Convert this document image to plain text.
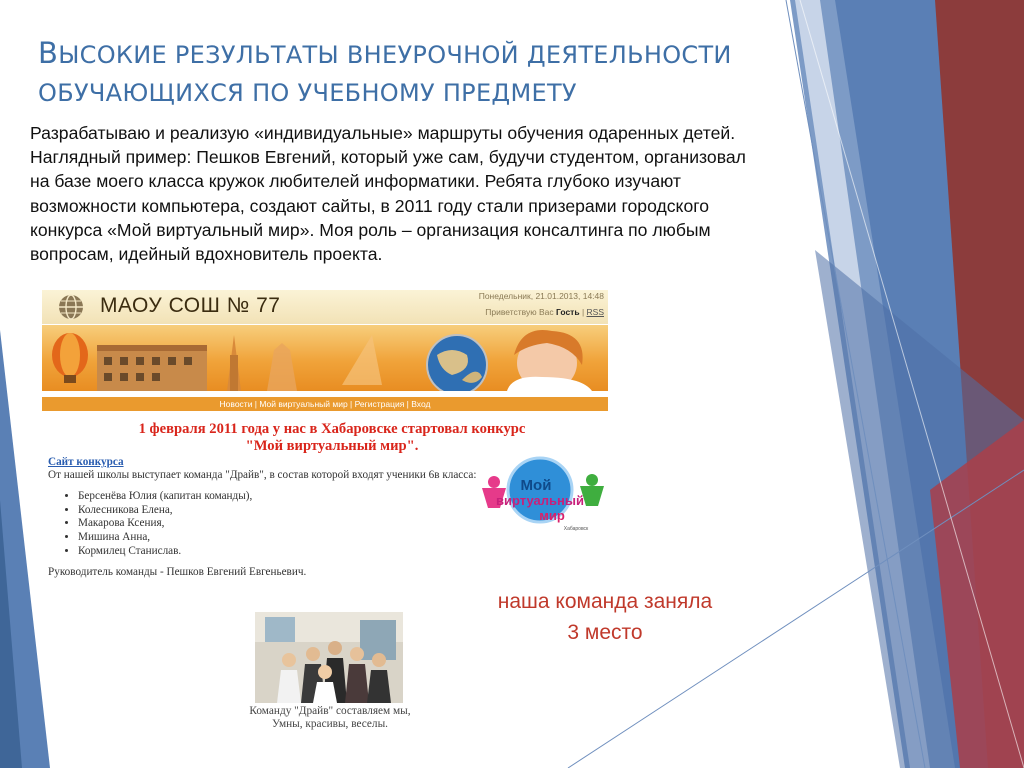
ВЫСОКИЕ РЕЗУЛЬТАТЫ ВНЕУРОЧНОЙ ДЕЯТЕЛЬНОСТИ
ОБУЧАЮЩИХСЯ ПО УЧЕБНОМУ ПРЕДМЕТУ

Разрабатываю и реализую «индивидуальные» маршруты обучения одаренных детей. Наглядный пример: Пешков Евгений, который уже сам, будучи студентом, организовал на базе моего класса кружок любителей информатики. Ребята глубоко изучают возможности компьютера, создают сайты, в 2011 году стали призерами городского конкурса «Мой виртуальный мир». Моя роль – организация консалтинга по любым вопросам, идейный вдохновитель проекта.

МАОУ СОШ № 77	Понедельник, 21.01.2013, 14:48
Приветствую Вас Гость | RSS
Новости | Мой виртуальный мир | Регистрация | Вход
1 февраля 2011 года у нас в Хабаровске стартовал конкурс
"Мой виртуальный мир".
Сайт конкурса
От нашей школы выступает команда "Драйв", в состав которой входят ученики 6в класса:
• Берсенёва Юлия (капитан команды),
• Колесникова Елена,
• Макарова Ксения,
• Мишина Анна,
• Кормилец Станислав.
Руководитель команды - Пешков Евгений Евгеньевич.
Мой
виртуальный
мир
Хабаровск
наша команда заняла
3 место
Команду "Драйв" составляем мы,
Умны, красивы, веселы.
